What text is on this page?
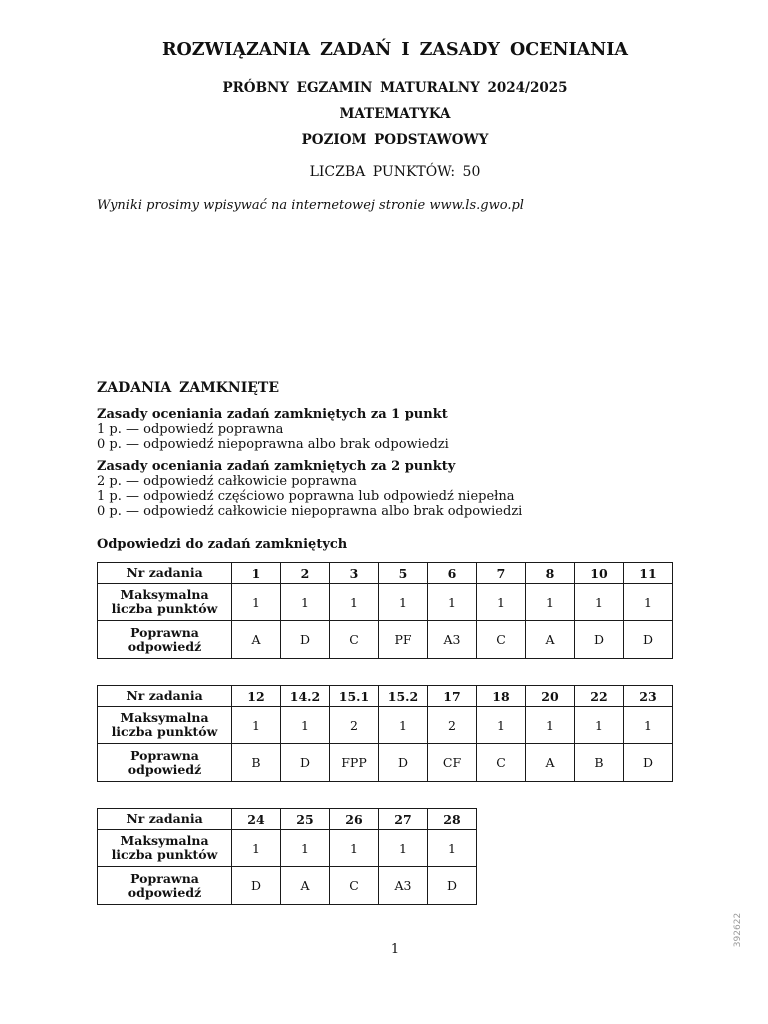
ROZWIĄZANIA ZADAŃ I ZASADY OCENIANIA
PRÓBNY EGZAMIN MATURALNY 2024/2025
MATEMATYKA
POZIOM PODSTAWOWY
LICZBA PUNKTÓW: 50
Wyniki prosimy wpisywać na internetowej stronie www.ls.gwo.pl
ZADANIA ZAMKNIĘTE
Zasady oceniania zadań zamkniętych za 1 punkt
1 p. — odpowiedź poprawna
0 p. — odpowiedź niepoprawna albo brak odpowiedzi
Zasady oceniania zadań zamkniętych za 2 punkty
2 p. — odpowiedź całkowicie poprawna
1 p. — odpowiedź częściowo poprawna lub odpowiedź niepełna
0 p. — odpowiedź całkowicie niepoprawna albo brak odpowiedzi
Odpowiedzi do zadań zamkniętych
Nr zadania	1	2	3	5	6	7	8	10	11

Maksymalna
liczba punktów	1	1	1	1	1	1	1	1	1

Poprawna
odpowiedź	A	D	C	PF	A3	C	A	D	D
Nr zadania	12	14.2	15.1	15.2	17	18	20	22	23

Maksymalna
liczba punktów	1	1	2	1	2	1	1	1	1

Poprawna
odpowiedź	B	D	FPP	D	CF	C	A	B	D
Nr zadania	24	25	26	27	28

Maksymalna
liczba punktów	1	1	1	1	1

Poprawna
odpowiedź	D	A	C	A3	D
1
392622
